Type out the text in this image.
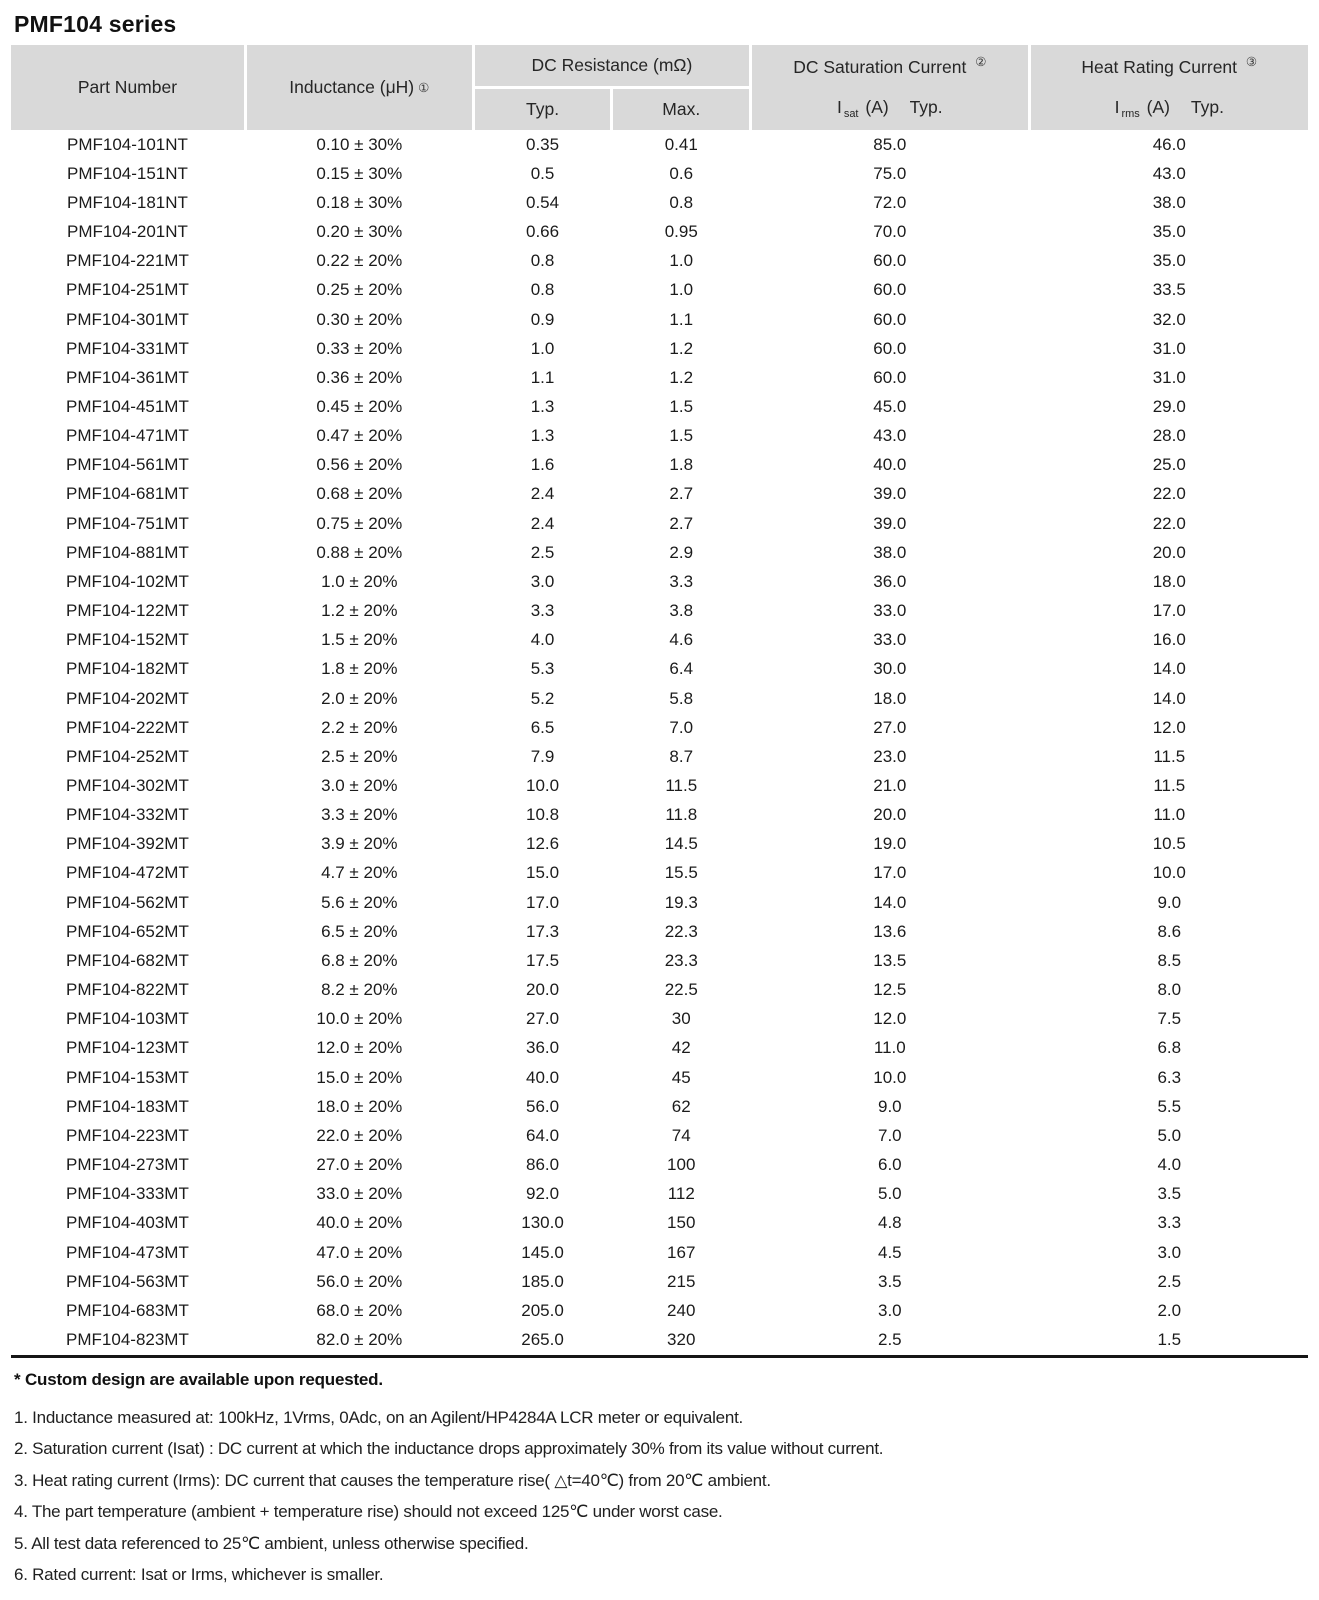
PMF104 series
Part Number	Inductance (μH) ①
DC Resistance (mΩ)
Typ.	Max.
DC Saturation Current ②
I $_{sat}$ (A) Typ.
Heat Rating Current ③
I $_{rms}$ (A) Typ.
PMF104-101NT	0.10 ± 30%	0.35	0.41	85.0	46.0
PMF104-151NT	0.15 ± 30%	0.5	0.6	75.0	43.0
PMF104-181NT	0.18 ± 30%	0.54	0.8	72.0	38.0
PMF104-201NT	0.20 ± 30%	0.66	0.95	70.0	35.0
PMF104-221MT	0.22 ± 20%	0.8	1.0	60.0	35.0
PMF104-251MT	0.25 ± 20%	0.8	1.0	60.0	33.5
PMF104-301MT	0.30 ± 20%	0.9	1.1	60.0	32.0
PMF104-331MT	0.33 ± 20%	1.0	1.2	60.0	31.0
PMF104-361MT	0.36 ± 20%	1.1	1.2	60.0	31.0
PMF104-451MT	0.45 ± 20%	1.3	1.5	45.0	29.0
PMF104-471MT	0.47 ± 20%	1.3	1.5	43.0	28.0
PMF104-561MT	0.56 ± 20%	1.6	1.8	40.0	25.0
PMF104-681MT	0.68 ± 20%	2.4	2.7	39.0	22.0
PMF104-751MT	0.75 ± 20%	2.4	2.7	39.0	22.0
PMF104-881MT	0.88 ± 20%	2.5	2.9	38.0	20.0
PMF104-102MT	1.0 ± 20%	3.0	3.3	36.0	18.0
PMF104-122MT	1.2 ± 20%	3.3	3.8	33.0	17.0
PMF104-152MT	1.5 ± 20%	4.0	4.6	33.0	16.0
PMF104-182MT	1.8 ± 20%	5.3	6.4	30.0	14.0
PMF104-202MT	2.0 ± 20%	5.2	5.8	18.0	14.0
PMF104-222MT	2.2 ± 20%	6.5	7.0	27.0	12.0
PMF104-252MT	2.5 ± 20%	7.9	8.7	23.0	11.5
PMF104-302MT	3.0 ± 20%	10.0	11.5	21.0	11.5
PMF104-332MT	3.3 ± 20%	10.8	11.8	20.0	11.0
PMF104-392MT	3.9 ± 20%	12.6	14.5	19.0	10.5
PMF104-472MT	4.7 ± 20%	15.0	15.5	17.0	10.0
PMF104-562MT	5.6 ± 20%	17.0	19.3	14.0	9.0
PMF104-652MT	6.5 ± 20%	17.3	22.3	13.6	8.6
PMF104-682MT	6.8 ± 20%	17.5	23.3	13.5	8.5
PMF104-822MT	8.2 ± 20%	20.0	22.5	12.5	8.0
PMF104-103MT	10.0 ± 20%	27.0	30	12.0	7.5
PMF104-123MT	12.0 ± 20%	36.0	42	11.0	6.8
PMF104-153MT	15.0 ± 20%	40.0	45	10.0	6.3
PMF104-183MT	18.0 ± 20%	56.0	62	9.0	5.5
PMF104-223MT	22.0 ± 20%	64.0	74	7.0	5.0
PMF104-273MT	27.0 ± 20%	86.0	100	6.0	4.0
PMF104-333MT	33.0 ± 20%	92.0	112	5.0	3.5
PMF104-403MT	40.0 ± 20%	130.0	150	4.8	3.3
PMF104-473MT	47.0 ± 20%	145.0	167	4.5	3.0
PMF104-563MT	56.0 ± 20%	185.0	215	3.5	2.5
PMF104-683MT	68.0 ± 20%	205.0	240	3.0	2.0
PMF104-823MT	82.0 ± 20%	265.0	320	2.5	1.5

* Custom design are available upon requested.

1. Inductance measured at: 100kHz, 1Vrms, 0Adc, on an Agilent/HP4284A LCR meter or equivalent.

2. Saturation current (Isat) : DC current at which the inductance drops approximately 30% from its value without current.

3. Heat rating current (Irms): DC current that causes the temperature rise( △t=40℃) from 20℃ ambient.

4. The part temperature (ambient + temperature rise) should not exceed 125℃ under worst case.

5. All test data referenced to 25℃ ambient, unless otherwise specified.

6. Rated current: Isat or Irms, whichever is smaller.
